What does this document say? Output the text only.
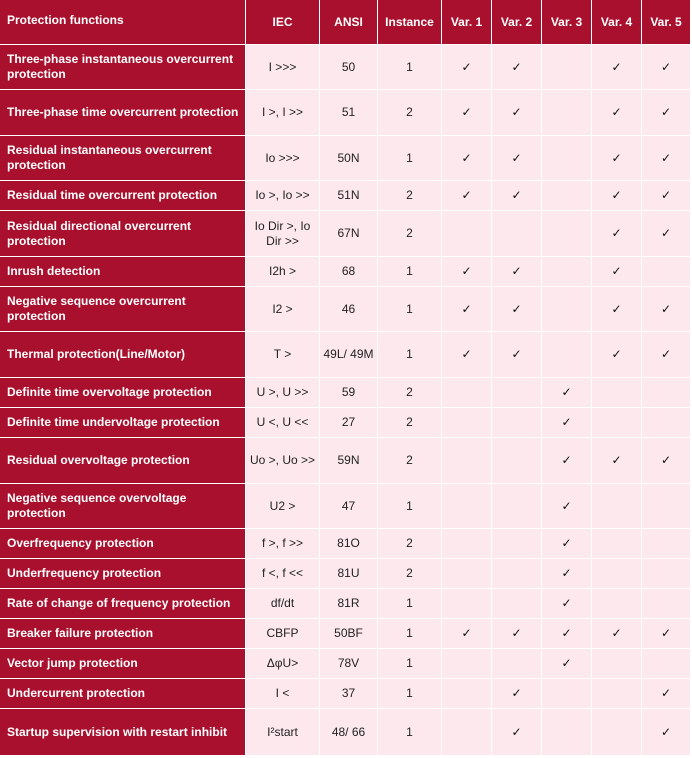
Protection functions	IEC	ANSI	Instance	Var. 1	Var. 2	Var. 3	Var. 4	Var. 5
Three-phase instantaneous overcurrent protection	I >>>	50	1	✓	✓		✓	✓
Three-phase time overcurrent protection	I >, I >>	51	2	✓	✓		✓	✓
Residual instantaneous overcurrent protection	Io >>>	50N	1	✓	✓		✓	✓
Residual time overcurrent protection	Io >, Io >>	51N	2	✓	✓		✓	✓
Residual directional overcurrent protection	Io Dir >, Io Dir >>	67N	2				✓	✓
Inrush detection	I2h >	68	1	✓	✓		✓	
Negative sequence overcurrent protection	I2 >	46	1	✓	✓		✓	✓
Thermal protection(Line/Motor)	T >	49L/ 49M	1	✓	✓		✓	✓
Definite time overvoltage protection	U >, U >>	59	2			✓		
Definite time undervoltage protection	U <, U <<	27	2			✓		
Residual overvoltage protection	Uo >, Uo >>	59N	2			✓	✓	✓
Negative sequence overvoltage protection	U2 >	47	1			✓		
Overfrequency protection	f >, f >>	81O	2			✓		
Underfrequency protection	f <, f <<	81U	2			✓		
Rate of change of frequency protection	df/dt	81R	1			✓		
Breaker failure protection	CBFP	50BF	1	✓	✓	✓	✓	✓
Vector jump protection	ΔφU>	78V	1			✓		
Undercurrent protection	I <	37	1		✓			✓
Startup supervision with restart inhibit	I²start	48/ 66	1		✓			✓
